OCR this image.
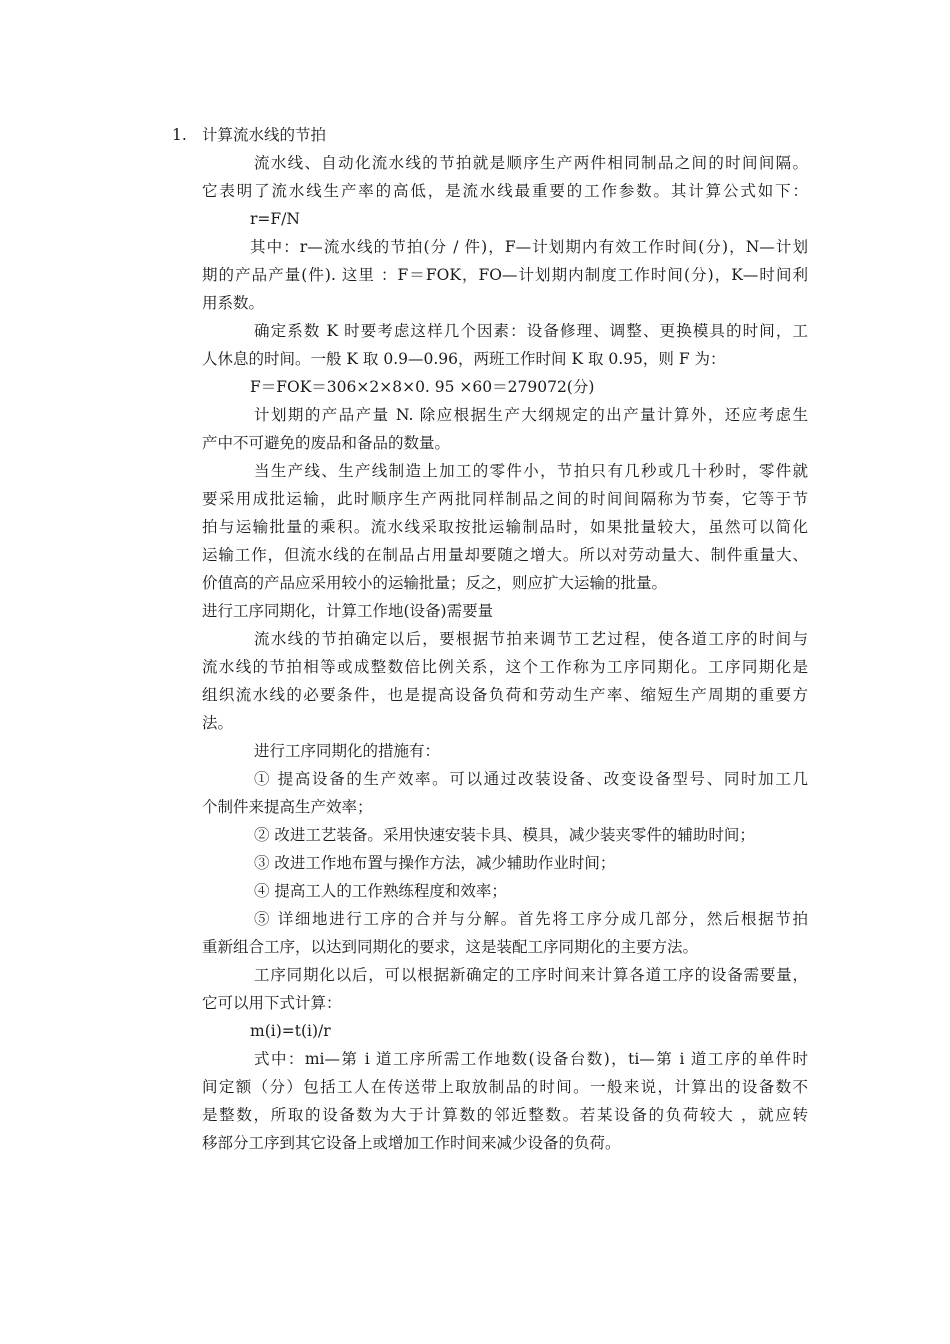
1. 计算流水线的节拍
流水线、自动化流水线的节拍就是顺序生产两件相同制品之间的时间间隔。
它表明了流水线生产率的高低，是流水线最重要的工作参数。其计算公式如下：
r=F/N
其中：r—流水线的节拍(分 / 件)，F—计划期内有效工作时间(分)，N—计划
期的产品产量(件). 这里 ：F＝FOK，FO—计划期内制度工作时间(分)，K—时间利
用系数。
确定系数 K 时要考虑这样几个因素：设备修理、调整、更换模具的时间，工
人休息的时间。一般 K 取 0.9—0.96，两班工作时间 K 取 0.95，则 F 为：
F＝FOK＝306×2×8×0. 95 ×60＝279072(分)
计划期的产品产量 N. 除应根据生产大纲规定的出产量计算外，还应考虑生
产中不可避免的废品和备品的数量。
当生产线、生产线制造上加工的零件小，节拍只有几秒或几十秒时，零件就
要采用成批运输，此时顺序生产两批同样制品之间的时间间隔称为节奏，它等于节
拍与运输批量的乘积。流水线采取按批运输制品时，如果批量较大，虽然可以简化
运输工作，但流水线的在制品占用量却要随之增大。所以对劳动量大、制件重量大、
价值高的产品应采用较小的运输批量；反之，则应扩大运输的批量。
进行工序同期化，计算工作地(设备)需要量
流水线的节拍确定以后，要根据节拍来调节工艺过程，使各道工序的时间与
流水线的节拍相等或成整数倍比例关系，这个工作称为工序同期化。工序同期化是
组织流水线的必要条件，也是提高设备负荷和劳动生产率、缩短生产周期的重要方
法。
进行工序同期化的措施有：
① 提高设备的生产效率。可以通过改装设备、改变设备型号、同时加工几
个制件来提高生产效率；
② 改进工艺装备。采用快速安装卡具、模具，减少装夹零件的辅助时间；
③ 改进工作地布置与操作方法，减少辅助作业时间；
④ 提高工人的工作熟练程度和效率；
⑤ 详细地进行工序的合并与分解。首先将工序分成几部分，然后根据节拍
重新组合工序，以达到同期化的要求，这是装配工序同期化的主要方法。
工序同期化以后，可以根据新确定的工序时间来计算各道工序的设备需要量，
它可以用下式计算：
m(i)=t(i)/r
式中：mi—第 i 道工序所需工作地数(设备台数)，ti—第 i 道工序的单件时
间定额（分）包括工人在传送带上取放制品的时间。一般来说，计算出的设备数不
是整数，所取的设备数为大于计算数的邻近整数。若某设备的负荷较大 ，就应转
移部分工序到其它设备上或增加工作时间来减少设备的负荷。
